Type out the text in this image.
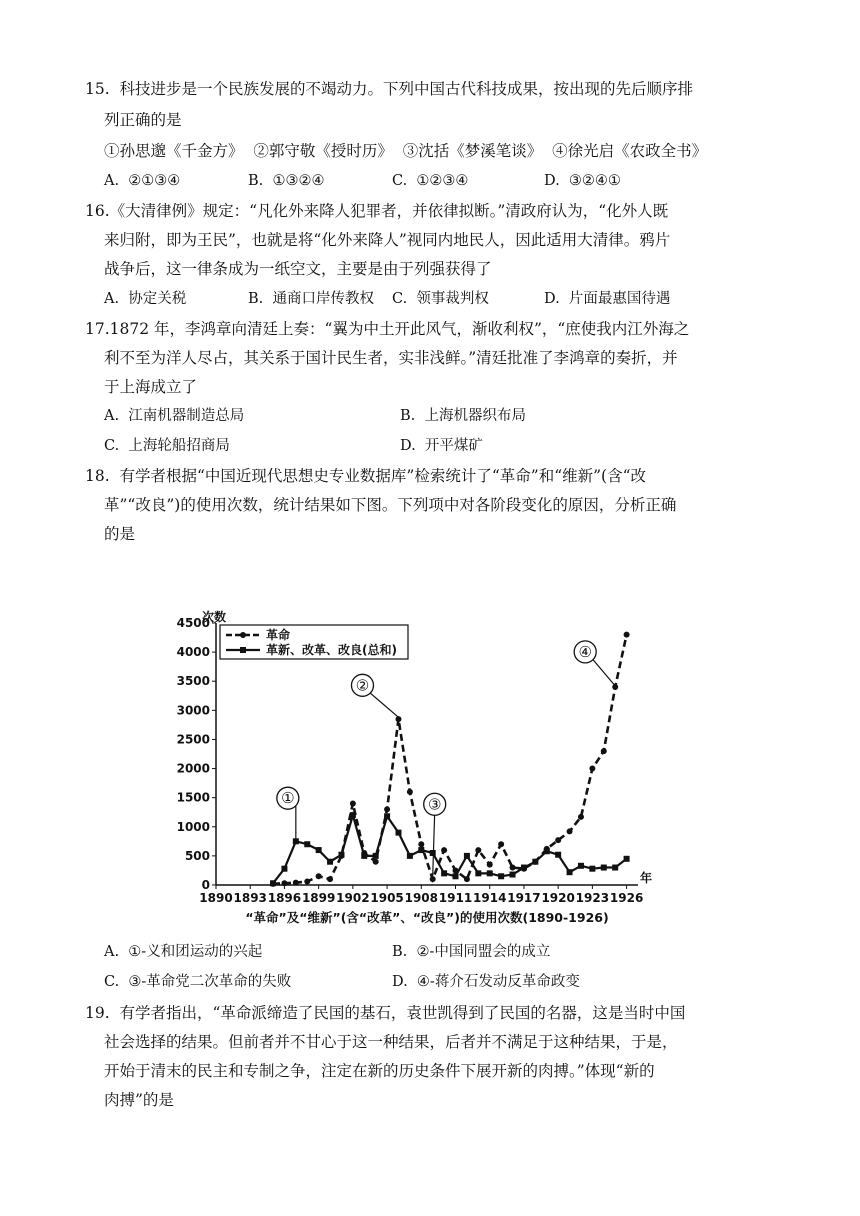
15.  科技进步是一个民族发展的不竭动力。下列中国古代科技成果，按出现的先后顺序排
列正确的是
①孙思邈《千金方》  ②郭守敬《授时历》  ③沈括《梦溪笔谈》  ④徐光启《农政全书》
A.  ②①③④	B.  ①③②④	C.  ①②③④	D.  ③②④①
16.《大清律例》规定：“凡化外来降人犯罪者，并依律拟断。”清政府认为，“化外人既
来归附，即为王民”，也就是将“化外来降人”视同内地民人，因此适用大清律。鸦片
战争后，这一律条成为一纸空文，主要是由于列强获得了
A.  协定关税	B.  通商口岸传教权 C.  领事裁判权	D.  片面最惠国待遇
17.1872 年，李鸿章向清廷上奏：“翼为中土开此风气，渐收利权”，“庶使我内江外海之
利不至为洋人尽占，其关系于国计民生者，实非浅鲜。”清廷批准了李鸿章的奏折，并
于上海成立了
A.  江南机器制造总局	B.  上海机器织布局
C.  上海轮船招商局	D.  开平煤矿
18.  有学者根据“中国近现代思想史专业数据库”检索统计了“革命”和“维新”(含“改
革”“改良”)的使用次数，统计结果如下图。下列项中对各阶段变化的原因，分析正确
的是
0
500
1000
1500
2000
2500
3000
3500
4000
4500
1890 1893 1896 1899 1902 1905 1908 1911 1914 1917 1920 1923 1926
次数
年
“革命”及“维新”(含“改革”、“改良”)的使用次数(1890-1926)
革命
革新、改革、改良(总和)
①
②
③
④
A.  ①-义和团运动的兴起	B.  ②-中国同盟会的成立
C.  ③-革命党二次革命的失败	D.  ④-蒋介石发动反革命政变
19.  有学者指出，“革命派缔造了民国的基石，袁世凯得到了民国的名器，这是当时中国
社会选择的结果。但前者并不甘心于这一种结果，后者并不满足于这种结果，于是，
开始于清末的民主和专制之争，注定在新的历史条件下展开新的肉搏。”体现“新的
肉搏”的是
